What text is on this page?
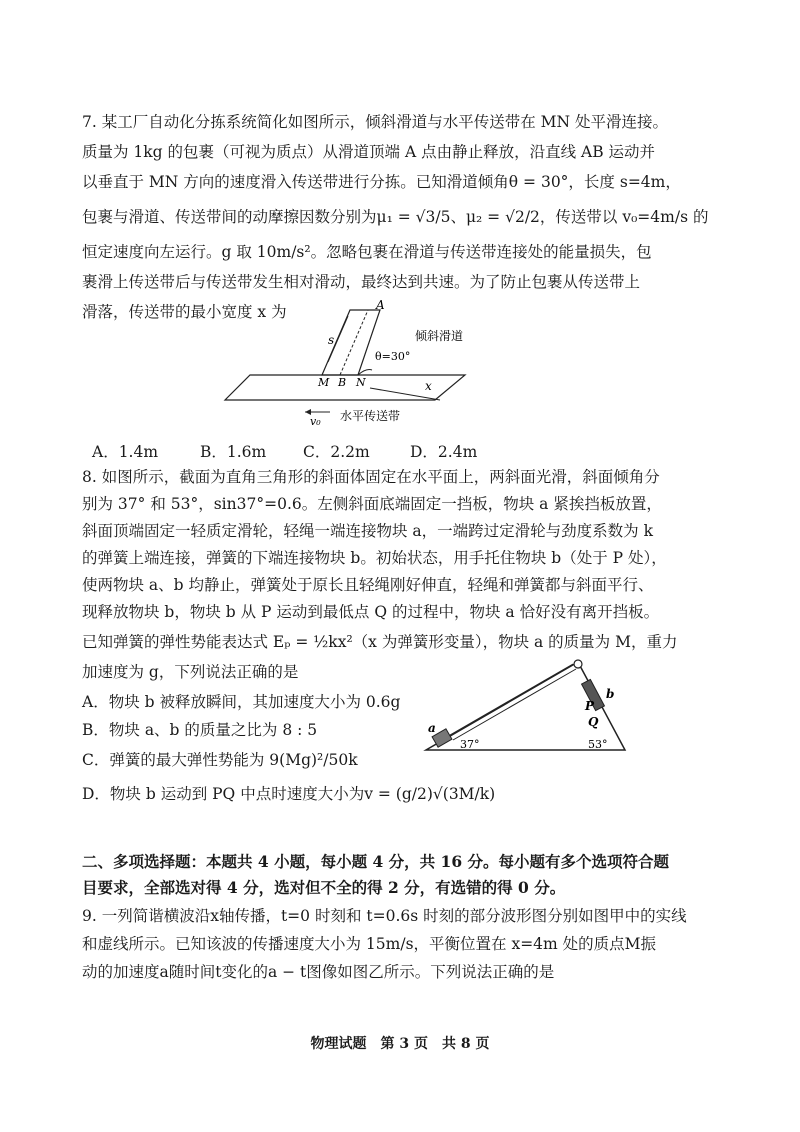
7. 某工厂自动化分拣系统简化如图所示，倾斜滑道与水平传送带在 MN 处平滑连接。
质量为 1kg 的包裹（可视为质点）从滑道顶端 A 点由静止释放，沿直线 AB 运动并
以垂直于 MN 方向的速度滑入传送带进行分拣。已知滑道倾角θ = 30°，长度 s=4m，
包裹与滑道、传送带间的动摩擦因数分别为μ₁ = √3/5、μ₂ = √2/2，传送带以 v₀=4m/s 的
恒定速度向左运行。g 取 10m/s²。忽略包裹在滑道与传送带连接处的能量损失，包
裹滑上传送带后与传送带发生相对滑动，最终达到共速。为了防止包裹从传送带上
滑落，传送带的最小宽度 x 为	A
s	倾斜滑道
θ=30°
M B N	x
v₀ 水平传送带
A．1.4m	B．1.6m C．2.2m	D．2.4m
8. 如图所示，截面为直角三角形的斜面体固定在水平面上，两斜面光滑，斜面倾角分
别为 37° 和 53°，sin37°=0.6。左侧斜面底端固定一挡板，物块 a 紧挨挡板放置，
斜面顶端固定一轻质定滑轮，轻绳一端连接物块 a，一端跨过定滑轮与劲度系数为 k
的弹簧上端连接，弹簧的下端连接物块 b。初始状态，用手托住物块 b（处于 P 处），
使两物块 a、b 均静止，弹簧处于原长且轻绳刚好伸直，轻绳和弹簧都与斜面平行、
现释放物块 b，物块 b 从 P 运动到最低点 Q 的过程中，物块 a 恰好没有离开挡板。
已知弹簧的弹性势能表达式 Eₚ = ½kx²（x 为弹簧形变量），物块 a 的质量为 M，重力
加速度为 g，下列说法正确的是
A．物块 b 被释放瞬间，其加速度大小为 0.6g
B．物块 a、b 的质量之比为 8 : 5
C．弹簧的最大弹性势能为 9(Mg)²/50k
D．物块 b 运动到 PQ 中点时速度大小为v = (g/2)√(3M/k)
a
b
P
Q
37°	53°
二、多项选择题：本题共 4 小题，每小题 4 分，共 16 分。每小题有多个选项符合题
目要求，全部选对得 4 分，选对但不全的得 2 分，有选错的得 0 分。
9. 一列简谐横波沿x轴传播，t=0 时刻和 t=0.6s 时刻的部分波形图分别如图甲中的实线
和虚线所示。已知该波的传播速度大小为 15m/s，平衡位置在 x=4m 处的质点M振
动的加速度a随时间t变化的a − t图像如图乙所示。下列说法正确的是
物理试题　第 3 页　共 8 页
